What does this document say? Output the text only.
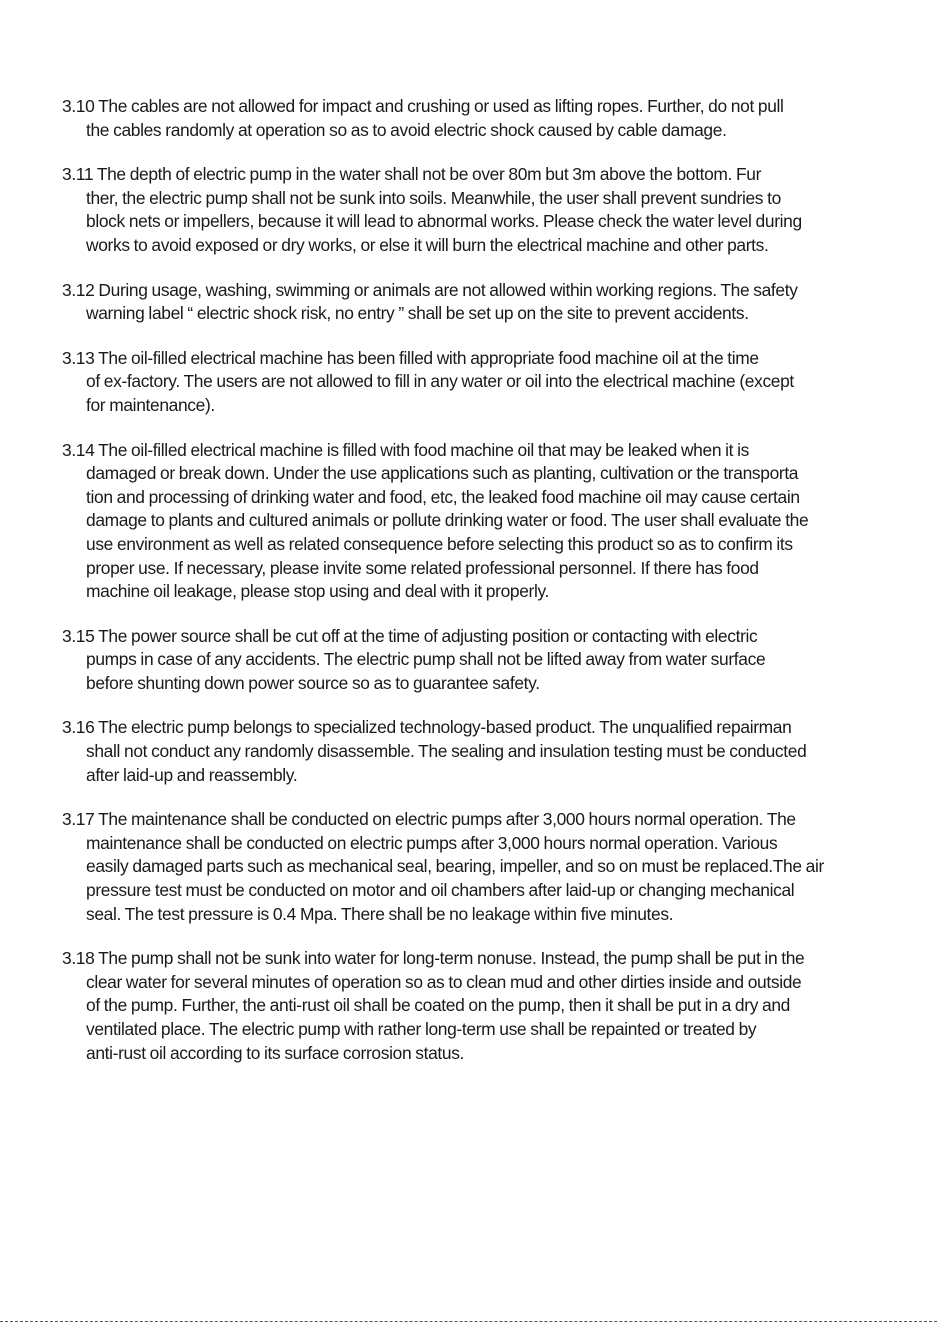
3.10 The cables are not allowed for impact and crushing or used as lifting ropes. Further, do not pull
the cables randomly at operation so as to avoid electric shock caused by cable damage.

3.11 The depth of electric pump in the water shall not be over 80m but 3m above the bottom. Fur
ther, the electric pump shall not be sunk into soils. Meanwhile, the user shall prevent sundries to
block nets or impellers, because it will lead to abnormal works. Please check the water level during
works to avoid exposed or dry works, or else it will burn the electrical machine and other parts.

3.12 During usage, washing, swimming or animals are not allowed within working regions. The safety
warning label “ electric shock risk, no entry ” shall be set up on the site to prevent accidents.

3.13 The oil-filled electrical machine has been filled with appropriate food machine oil at the time
of ex-factory. The users are not allowed to fill in any water or oil into the electrical machine (except
for maintenance).

3.14 The oil-filled electrical machine is filled with food machine oil that may be leaked when it is
damaged or break down. Under the use applications such as planting, cultivation or the transporta
tion and processing of drinking water and food, etc, the leaked food machine oil may cause certain
damage to plants and cultured animals or pollute drinking water or food. The user shall evaluate the
use environment as well as related consequence before selecting this product so as to confirm its
proper use. If necessary, please invite some related professional personnel. If there has food
machine oil leakage, please stop using and deal with it properly.

3.15 The power source shall be cut off at the time of adjusting position or contacting with electric
pumps in case of any accidents. The electric pump shall not be lifted away from water surface
before shunting down power source so as to guarantee safety.

3.16 The electric pump belongs to specialized technology-based product. The unqualified repairman
shall not conduct any randomly disassemble. The sealing and insulation testing must be conducted
after laid-up and reassembly.

3.17 The maintenance shall be conducted on electric pumps after 3,000 hours normal operation. The
maintenance shall be conducted on electric pumps after 3,000 hours normal operation. Various
easily damaged parts such as mechanical seal, bearing, impeller, and so on must be replaced.The air
pressure test must be conducted on motor and oil chambers after laid-up or changing mechanical
seal. The test pressure is 0.4 Mpa. There shall be no leakage within five minutes.

3.18 The pump shall not be sunk into water for long-term nonuse. Instead, the pump shall be put in the
clear water for several minutes of operation so as to clean mud and other dirties inside and outside
of the pump. Further, the anti-rust oil shall be coated on the pump, then it shall be put in a dry and
ventilated place. The electric pump with rather long-term use shall be repainted or treated by
anti-rust oil according to its surface corrosion status.
